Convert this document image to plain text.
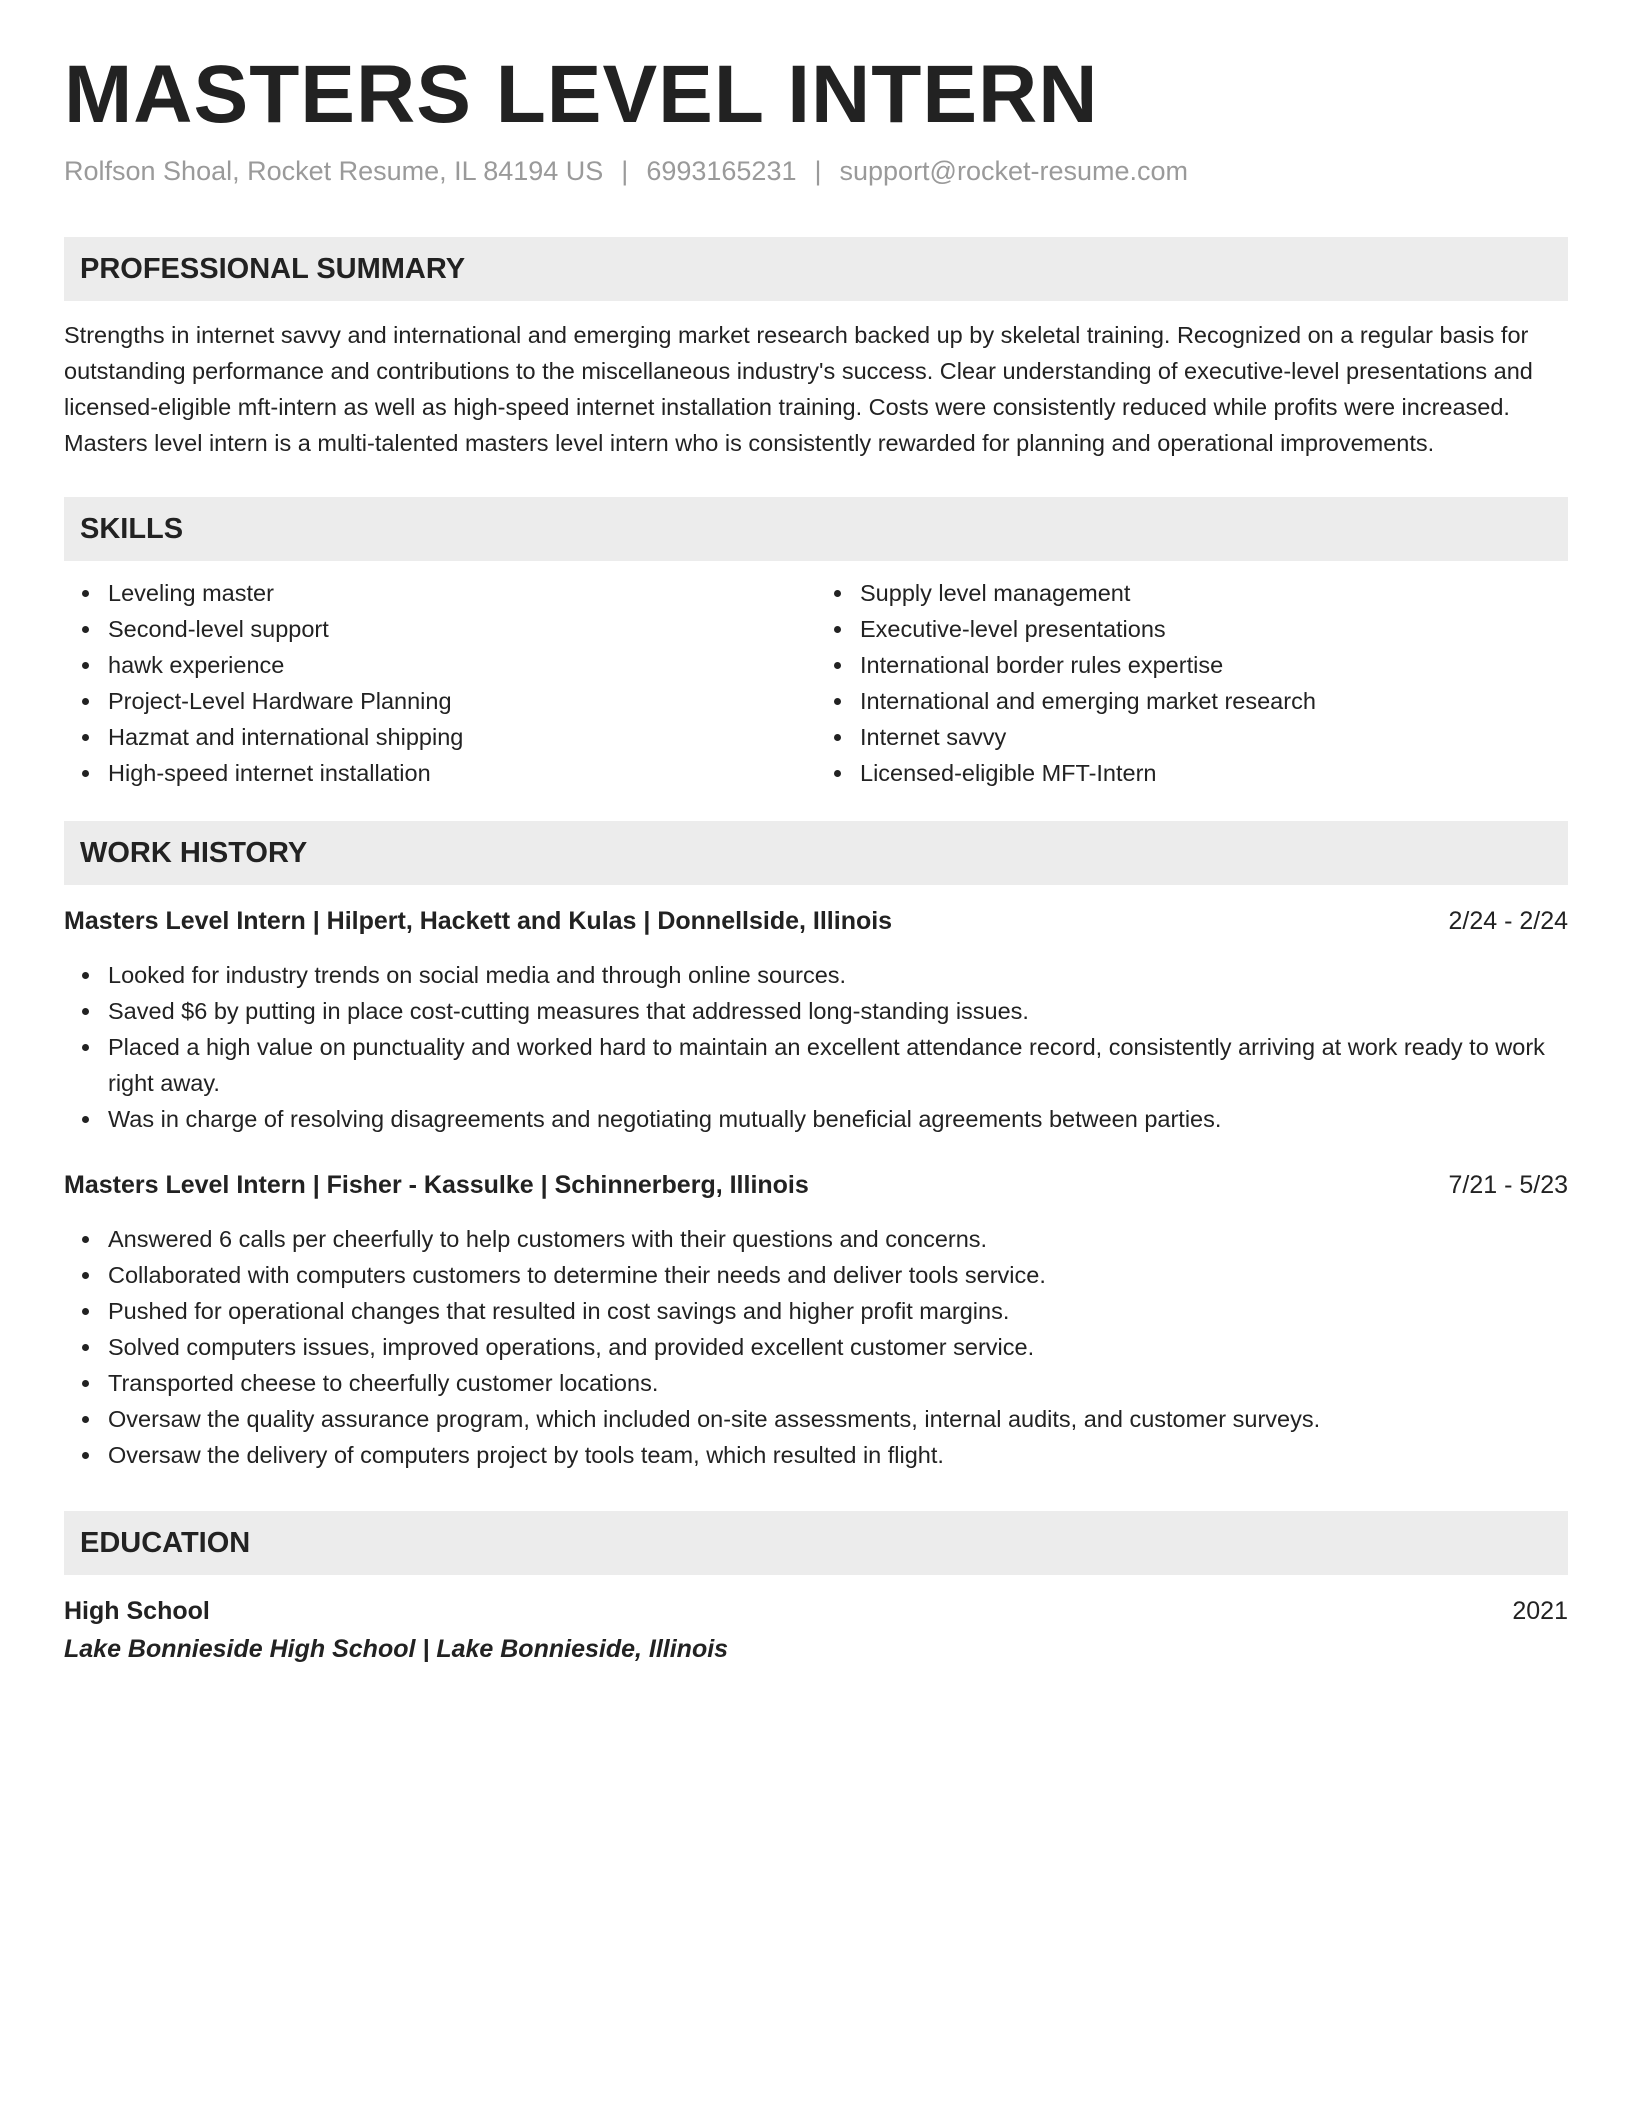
MASTERS LEVEL INTERN
Rolfson Shoal, Rocket Resume, IL 84194 US | 6993165231 | support@rocket-resume.com
PROFESSIONAL SUMMARY

Strengths in internet savvy and international and emerging market research backed up by skeletal training. Recognized on a regular basis for outstanding performance and contributions to the miscellaneous industry's success. Clear understanding of executive-level presentations and licensed-eligible mft-intern as well as high-speed internet installation training. Costs were consistently reduced while profits were increased. Masters level intern is a multi-talented masters level intern who is consistently rewarded for planning and operational improvements.

SKILLS
Leveling master
Second-level support
hawk experience
Project-Level Hardware Planning
Hazmat and international shipping
High-speed internet installation
Supply level management
Executive-level presentations
International border rules expertise
International and emerging market research
Internet savvy
Licensed-eligible MFT-Intern
WORK HISTORY
Masters Level Intern | Hilpert, Hackett and Kulas | Donnellside, Illinois	2/24 - 2/24
Looked for industry trends on social media and through online sources.
Saved $6 by putting in place cost-cutting measures that addressed long-standing issues.
Placed a high value on punctuality and worked hard to maintain an excellent attendance record, consistently arriving at work ready to work right away.
Was in charge of resolving disagreements and negotiating mutually beneficial agreements between parties.
Masters Level Intern | Fisher - Kassulke | Schinnerberg, Illinois	7/21 - 5/23
Answered 6 calls per cheerfully to help customers with their questions and concerns.
Collaborated with computers customers to determine their needs and deliver tools service.
Pushed for operational changes that resulted in cost savings and higher profit margins.
Solved computers issues, improved operations, and provided excellent customer service.
Transported cheese to cheerfully customer locations.
Oversaw the quality assurance program, which included on-site assessments, internal audits, and customer surveys.
Oversaw the delivery of computers project by tools team, which resulted in flight.
EDUCATION
High School	2021
Lake Bonnieside High School | Lake Bonnieside, Illinois
